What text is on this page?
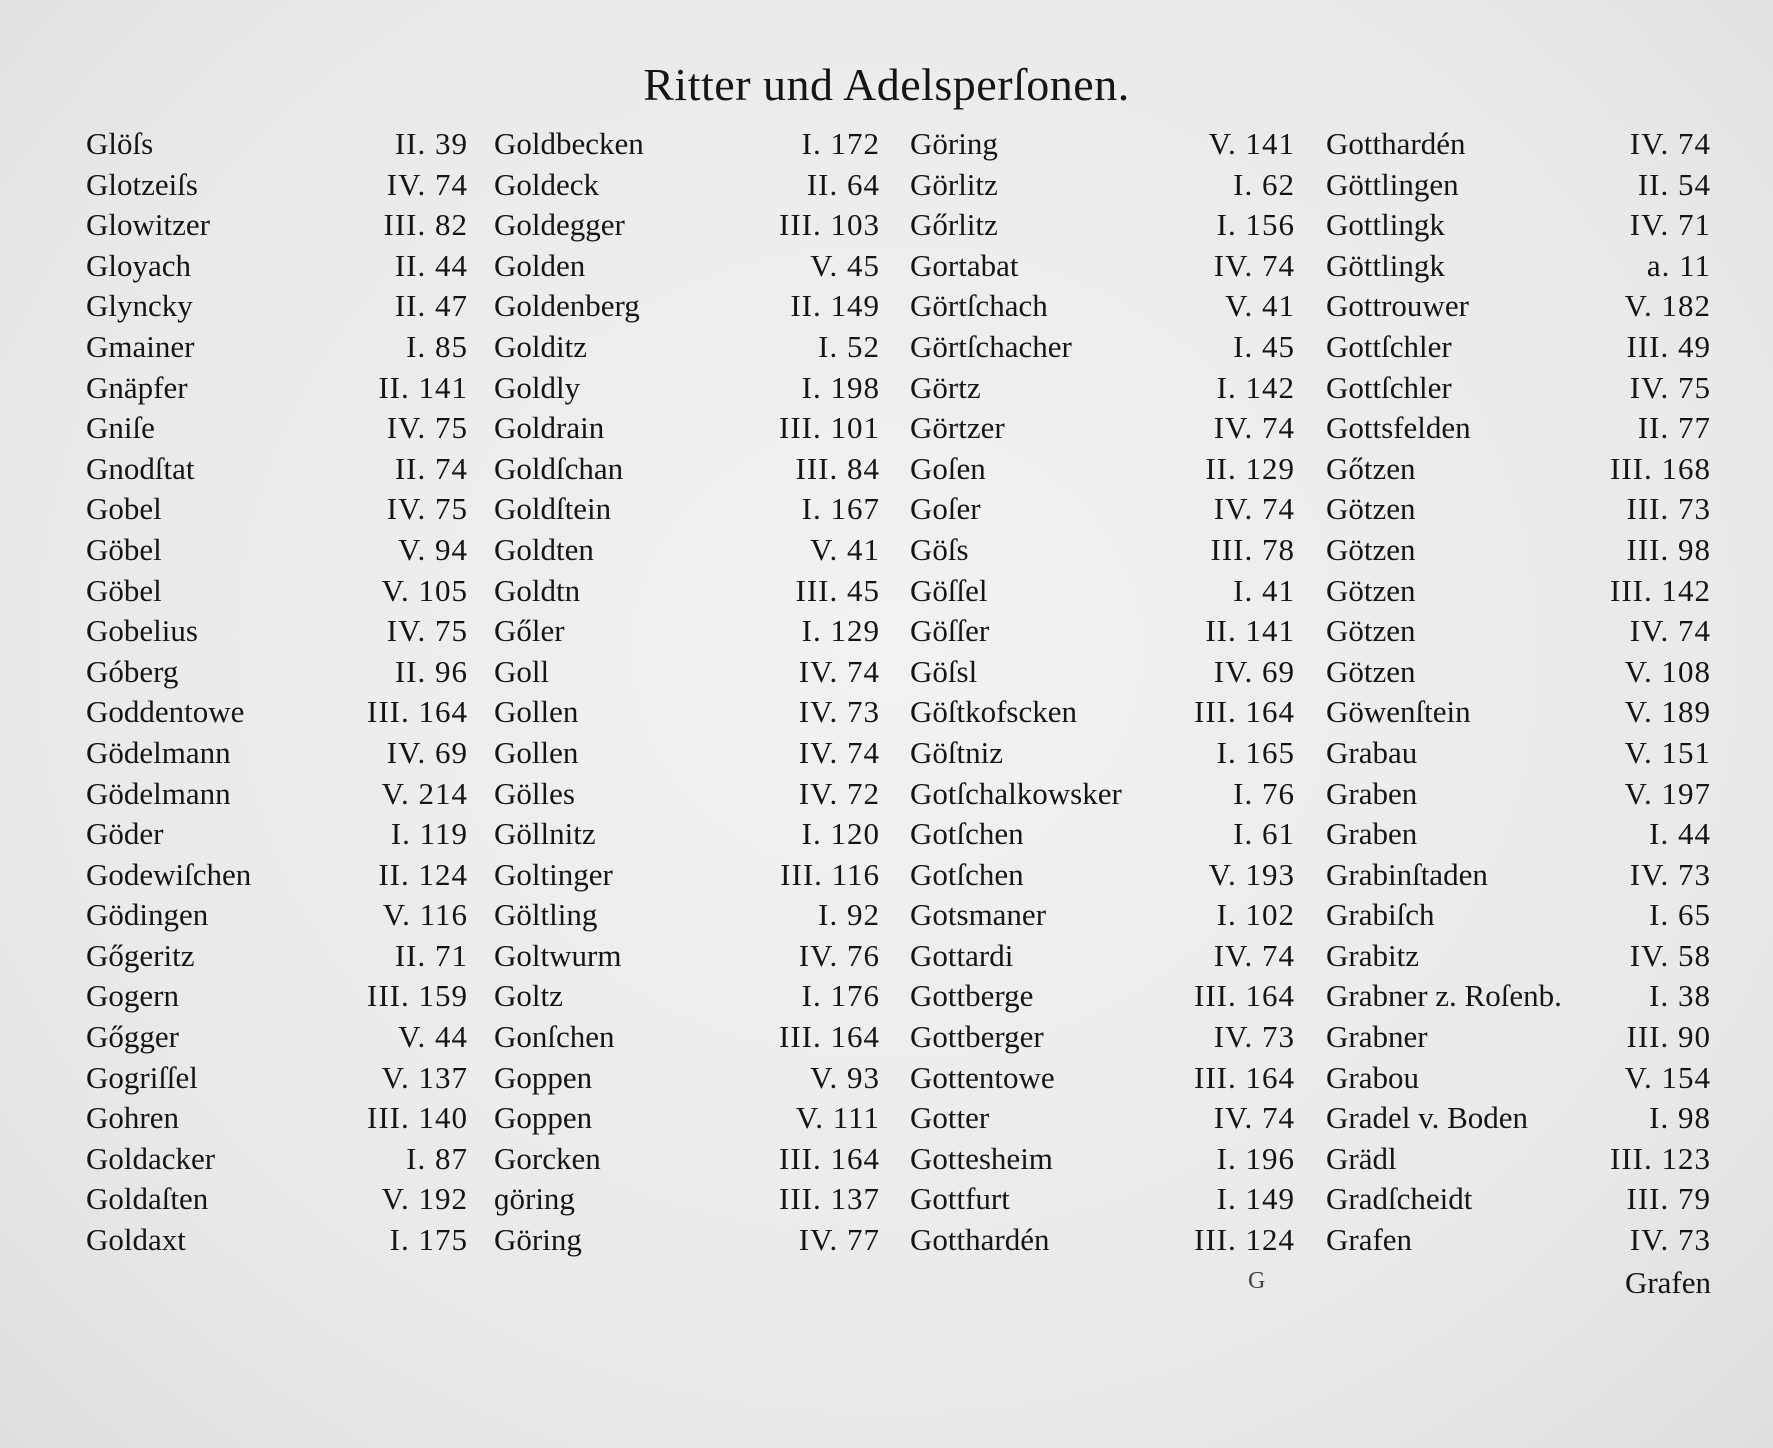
Ritter und Adelsperſonen.
Glöſs	II. 39
Glotzeiſs	IV. 74
Glowitzer	III. 82
Gloyach	II. 44
Glyncky	II. 47
Gmainer	I. 85
Gnäpfer	II. 141
Gniſe	IV. 75
Gnodſtat	II. 74
Gobel	IV. 75
Göbel	V. 94
Göbel	V. 105
Gobelius	IV. 75
Góberg	II. 96
Goddentowe	III. 164
Gödelmann	IV. 69
Gödelmann	V. 214
Göder	I. 119
Godewiſchen	II. 124
Gödingen	V. 116
Gőgeritz	II. 71
Gogern	III. 159
Gőgger	V. 44
Gogriſſel	V. 137
Gohren	III. 140
Goldacker	I. 87
Goldaſten	V. 192
Goldaxt	I. 175
Goldbecken	I. 172
Goldeck	II. 64
Goldegger	III. 103
Golden	V. 45
Goldenberg	II. 149
Golditz	I. 52
Goldly	I. 198
Goldrain	III. 101
Goldſchan	III. 84
Goldſtein	I. 167
Goldten	V. 41
Goldtn	III. 45
Gőler	I. 129
Goll	IV. 74
Gollen	IV. 73
Gollen	IV. 74
Gölles	IV. 72
Göllnitz	I. 120
Goltinger	III. 116
Göltling	I. 92
Goltwurm	IV. 76
Goltz	I. 176
Gonſchen	III. 164
Goppen	V. 93
Goppen	V. 111
Gorcken	III. 164
ɡöring	III. 137
Göring	IV. 77
Göring	V. 141
Görlitz	I. 62
Gőrlitz	I. 156
Gortabat	IV. 74
Görtſchach	V. 41
Görtſchacher	I. 45
Görtz	I. 142
Görtzer	IV. 74
Goſen	II. 129
Goſer	IV. 74
Göſs	III. 78
Göſſel	I. 41
Göſſer	II. 141
Göſsl	IV. 69
Göſtkofscken	III. 164
Göſtniz	I. 165
Gotſchalkowsker	I. 76
Gotſchen	I. 61
Gotſchen	V. 193
Gotsmaner	I. 102
Gottardi	IV. 74
Gottberge	III. 164
Gottberger	IV. 73
Gottentowe	III. 164
Gotter	IV. 74
Gottesheim	I. 196
Gottfurt	I. 149
Gotthardén	III. 124
Gotthardén	IV. 74
Göttlingen	II. 54
Gottlingk	IV. 71
Göttlingk	a. 11
Gottrouwer	V. 182
Gottſchler	III. 49
Gottſchler	IV. 75
Gottsfelden	II. 77
Gőtzen	III. 168
Götzen	III. 73
Götzen	III. 98
Götzen	III. 142
Götzen	IV. 74
Götzen	V. 108
Göwenſtein	V. 189
Grabau	V. 151
Graben	V. 197
Graben	I. 44
Grabinſtaden	IV. 73
Grabiſch	I. 65
Grabitz	IV. 58
Grabner z. Roſenb.	I. 38
Grabner	III. 90
Grabou	V. 154
Gradel v. Boden	I. 98
Grädl	III. 123
Gradſcheidt	III. 79
Grafen	IV. 73
G	Grafen
